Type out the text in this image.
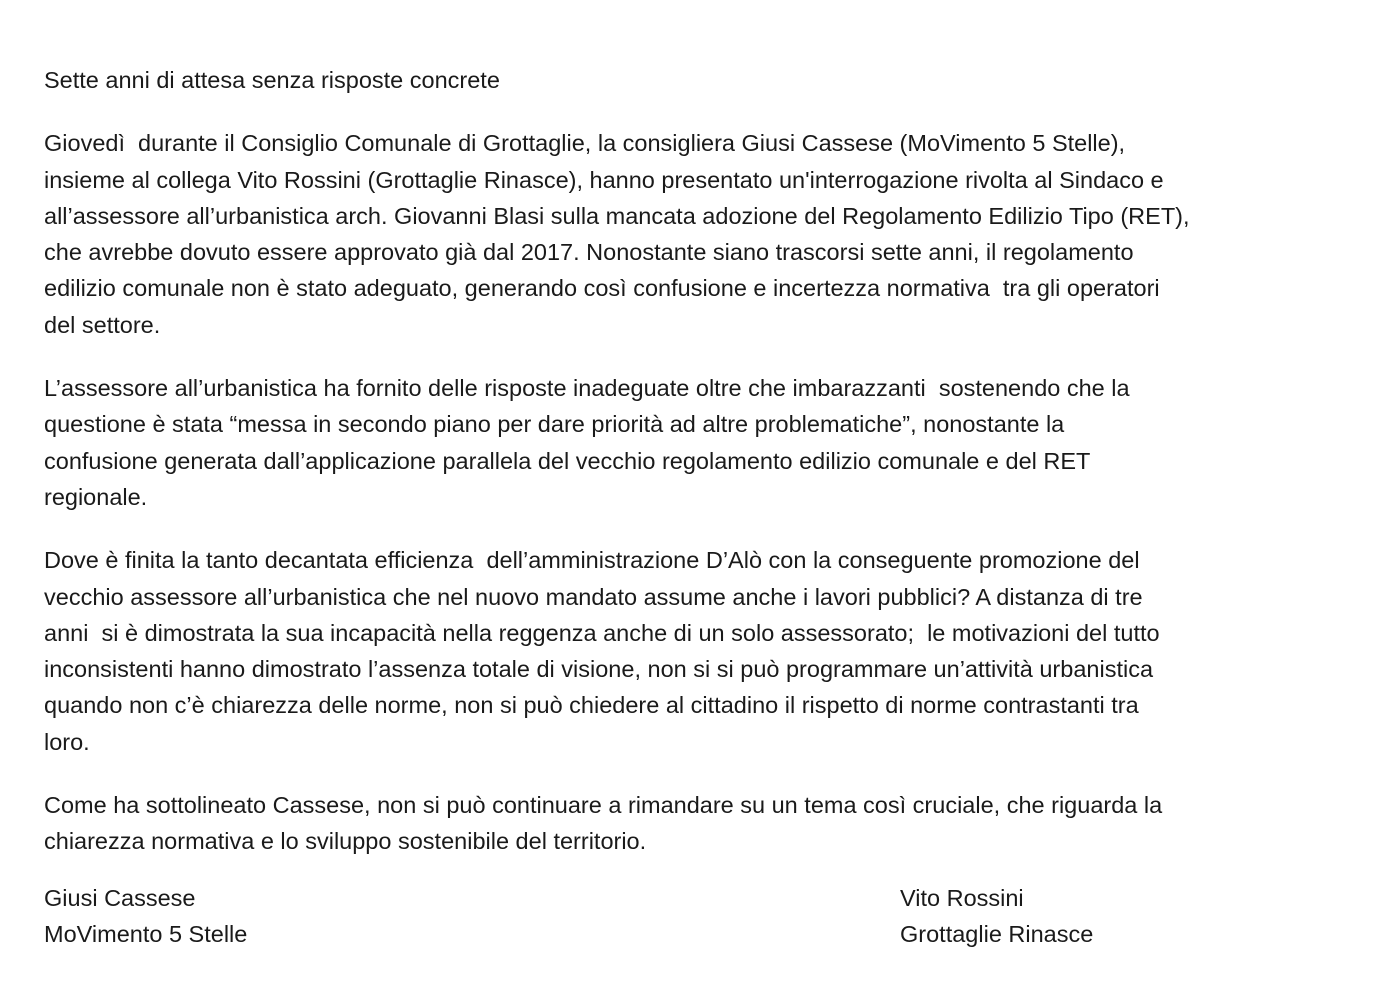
Sette anni di attesa senza risposte concrete
Giovedì  durante il Consiglio Comunale di Grottaglie, la consigliera Giusi Cassese (MoVimento 5 Stelle),
insieme al collega Vito Rossini (Grottaglie Rinasce), hanno presentato un'interrogazione rivolta al Sindaco e
all’assessore all’urbanistica arch. Giovanni Blasi sulla mancata adozione del Regolamento Edilizio Tipo (RET),
che avrebbe dovuto essere approvato già dal 2017. Nonostante siano trascorsi sette anni, il regolamento
edilizio comunale non è stato adeguato, generando così confusione e incertezza normativa  tra gli operatori
del settore.
L’assessore all’urbanistica ha fornito delle risposte inadeguate oltre che imbarazzanti  sostenendo che la
questione è stata “messa in secondo piano per dare priorità ad altre problematiche”, nonostante la
confusione generata dall’applicazione parallela del vecchio regolamento edilizio comunale e del RET
regionale.
Dove è finita la tanto decantata efficienza  dell’amministrazione D’Alò con la conseguente promozione del
vecchio assessore all’urbanistica che nel nuovo mandato assume anche i lavori pubblici? A distanza di tre
anni  si è dimostrata la sua incapacità nella reggenza anche di un solo assessorato;  le motivazioni del tutto
inconsistenti hanno dimostrato l’assenza totale di visione, non si si può programmare un’attività urbanistica
quando non c’è chiarezza delle norme, non si può chiedere al cittadino il rispetto di norme contrastanti tra
loro.
Come ha sottolineato Cassese, non si può continuare a rimandare su un tema così cruciale, che riguarda la
chiarezza normativa e lo sviluppo sostenibile del territorio.
Giusi Cassese
MoVimento 5 Stelle
Vito Rossini
Grottaglie Rinasce
